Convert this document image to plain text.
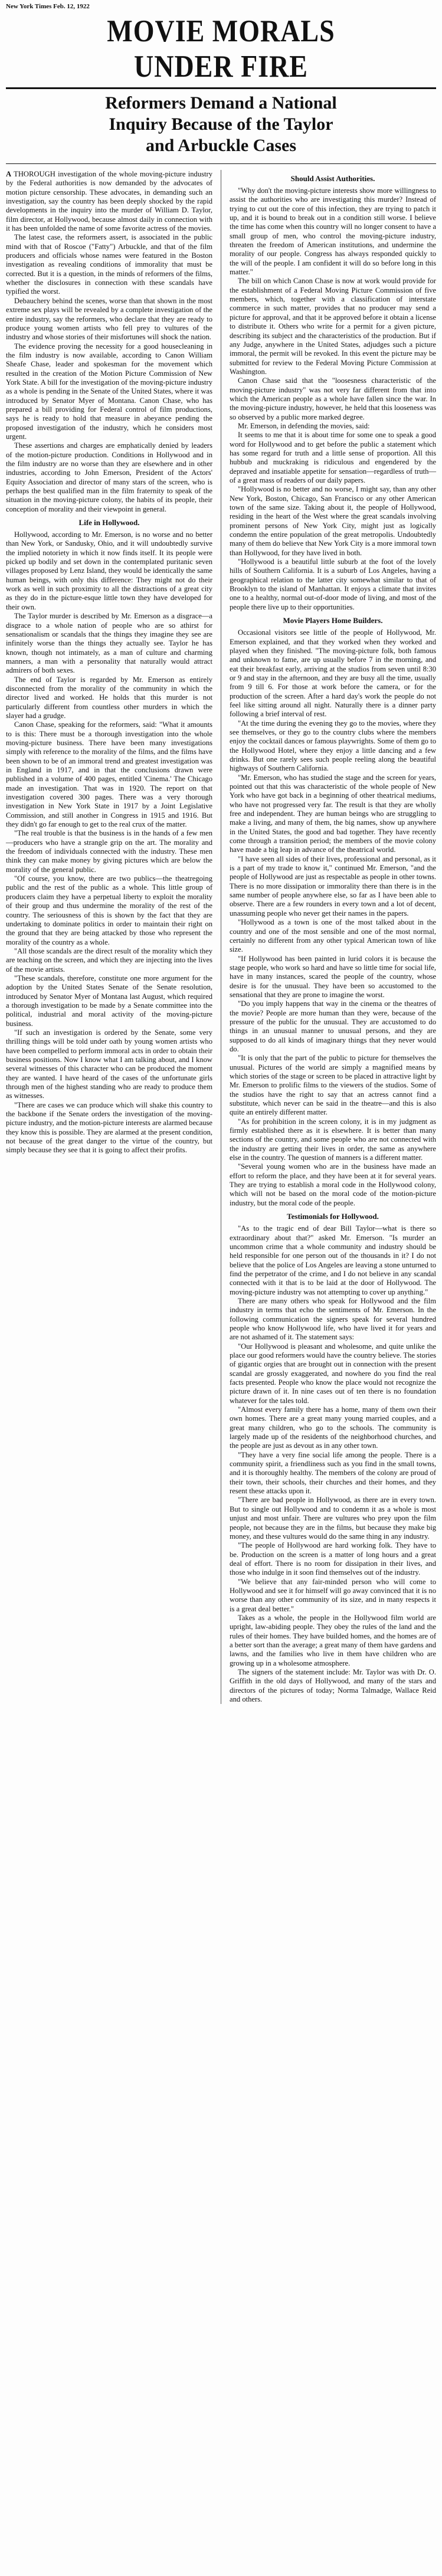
New York Times Feb. 12, 1922
MOVIE MORALS
UNDER FIRE
Reformers Demand a National
Inquiry Because of the Taylor
and Arbuckle Cases

A THOROUGH investigation of the whole moving-picture industry by the Federal authorities is now demanded by the advocates of motion picture censorship. These advocates, in demanding such an investigation, say the country has been deeply shocked by the rapid developments in the inquiry into the murder of William D. Taylor, film director, at Hollywood, because almost daily in connection with it has been unfolded the name of some favorite actress of the movies.

The latest case, the reformers assert, is associated in the public mind with that of Roscoe ("Fatty") Arbuckle, and that of the film producers and officials whose names were featured in the Boston investigation as revealing conditions of immorality that must be corrected. But it is a question, in the minds of reformers of the films, whether the disclosures in connection with these scandals have typified the worst.

Debauchery behind the scenes, worse than that shown in the most extreme sex plays will be revealed by a complete investigation of the entire industry, say the reformers, who declare that they are ready to produce young women artists who fell prey to vultures of the industry and whose stories of their misfortunes will shock the nation.

The evidence proving the necessity for a good housecleaning in the film industry is now available, according to Canon William Sheafe Chase, leader and spokesman for the movement which resulted in the creation of the Motion Picture Commission of New York State. A bill for the investigation of the moving-picture industry as a whole is pending in the Senate of the United States, where it was introduced by Senator Myer of Montana. Canon Chase, who has prepared a bill providing for Federal control of film productions, says he is ready to hold that measure in abeyance pending the proposed investigation of the industry, which he considers most urgent.

These assertions and charges are emphatically denied by leaders of the motion-picture production. Conditions in Hollywood and in the film industry are no worse than they are elsewhere and in other industries, according to John Emerson, President of the Actors' Equity Association and director of many stars of the screen, who is perhaps the best qualified man in the film fraternity to speak of the situation in the moving-picture colony, the habits of its people, their conception of morality and their viewpoint in general.

Life in Hollywood.

Hollywood, according to Mr. Emerson, is no worse and no better than New York, or Sandusky, Ohio, and it will undoubtedly survive the implied notoriety in which it now finds itself. It its people were picked up bodily and set down in the contemplated puritanic seven villages proposed by Lenz Island, they would be identically the same human beings, with only this difference: They might not do their work as well in such proximity to all the distractions of a great city as they do in the picture-esque little town they have developed for their own.

The Taylor murder is described by Mr. Emerson as a disgrace—a disgrace to a whole nation of people who are so athirst for sensationalism or scandals that the things they imagine they see are infinitely worse than the things they actually see. Taylor he has known, though not intimately, as a man of culture and charming manners, a man with a personality that naturally would attract admirers of both sexes.

The end of Taylor is regarded by Mr. Emerson as entirely disconnected from the morality of the community in which the director lived and worked. He holds that this murder is not particularly different from countless other murders in which the slayer had a grudge.

Canon Chase, speaking for the reformers, said: "What it amounts to is this: There must be a thorough investigation into the whole moving-picture business. There have been many investigations simply with reference to the morality of the films, and the films have been shown to be of an immoral trend and greatest investigation was in England in 1917, and in that the conclusions drawn were published in a volume of 400 pages, entitled 'Cinema.' The Chicago made an investigation. That was in 1920. The report on that investigation covered 300 pages. There was a very thorough investigation in New York State in 1917 by a Joint Legislative Commission, and still another in Congress in 1915 and 1916. But they didn't go far enough to get to the real crux of the matter.

"The real trouble is that the business is in the hands of a few men—producers who have a strangle grip on the art. The morality and the freedom of individuals connected with the industry. These men think they can make money by giving pictures which are below the morality of the general public.

"Of course, you know, there are two publics—the theatregoing public and the rest of the public as a whole. This little group of producers claim they have a perpetual liberty to exploit the morality of their group and thus undermine the morality of the rest of the country. The seriousness of this is shown by the fact that they are undertaking to dominate politics in order to maintain their right on the ground that they are being attacked by those who represent the morality of the country as a whole.

"All those scandals are the direct result of the morality which they are teaching on the screen, and which they are injecting into the lives of the movie artists.

"These scandals, therefore, constitute one more argument for the adoption by the United States Senate of the Senate resolution, introduced by Senator Myer of Montana last August, which required a thorough investigation to be made by a Senate committee into the political, industrial and moral activity of the moving-picture business.

"If such an investigation is ordered by the Senate, some very thrilling things will be told under oath by young women artists who have been compelled to perform immoral acts in order to obtain their business positions. Now I know what I am talking about, and I know several witnesses of this character who can be produced the moment they are wanted. I have heard of the cases of the unfortunate girls through men of the highest standing who are ready to produce them as witnesses.

"There are cases we can produce which will shake this country to the backbone if the Senate orders the investigation of the moving-picture industry, and the motion-picture interests are alarmed because they know this is possible. They are alarmed at the present condition, not because of the great danger to the virtue of the country, but simply because they see that it is going to affect their profits.

Should Assist Authorities.

"Why don't the moving-picture interests show more willingness to assist the authorities who are investigating this murder? Instead of trying to cut out the core of this infection, they are trying to patch it up, and it is bound to break out in a condition still worse. I believe the time has come when this country will no longer consent to have a small group of men, who control the moving-picture industry, threaten the freedom of American institutions, and undermine the morality of our people. Congress has always responded quickly to the will of the people. I am confident it will do so before long in this matter."

The bill on which Canon Chase is now at work would provide for the establishment of a Federal Moving Picture Commission of five members, which, together with a classification of interstate commerce in such matter, provides that no producer may send a picture for approval, and that it be approved before it obtain a license to distribute it. Others who write for a permit for a given picture, describing its subject and the characteristics of the production. But if any Judge, anywhere in the United States, adjudges such a picture immoral, the permit will be revoked. In this event the picture may be submitted for review to the Federal Moving Picture Commission at Washington.

Canon Chase said that the "loosesness characteristic of the moving-picture industry" was not very far different from that into which the American people as a whole have fallen since the war. In the moving-picture industry, however, he held that this looseness was so observed by a public more marked degree.

Mr. Emerson, in defending the movies, said:

It seems to me that it is about time for some one to speak a good word for Hollywood and to get before the public a statement which has some regard for truth and a little sense of proportion. All this hubbub and muckraking is ridiculous and engendered by the depraved and insatiable appetite for sensation—regardless of truth—of a great mass of readers of our daily papers.

"Hollywood is no better and no worse, I might say, than any other New York, Boston, Chicago, San Francisco or any other American town of the same size. Taking about it, the people of Hollywood, residing in the heart of the West where the great scandals involving prominent persons of New York City, might just as logically condemn the entire population of the great metropolis. Undoubtedly many of them do believe that New York City is a more immoral town than Hollywood, for they have lived in both.

"Hollywood is a beautiful little suburb at the foot of the lovely hills of Southern California. It is a suburb of Los Angeles, having a geographical relation to the latter city somewhat similar to that of Brooklyn to the island of Manhattan. It enjoys a climate that invites one to a healthy, normal out-of-door mode of living, and most of the people there live up to their opportunities.

Movie Players Home Builders.

Occasional visitors see little of the people of Hollywood, Mr. Emerson explained, and that they worked when they worked and played when they finished. "The moving-picture folk, both famous and unknown to fame, are up usually before 7 in the morning, and eat their breakfast early, arriving at the studios from seven until 8:30 or 9 and stay in the afternoon, and they are busy all the time, usually from 9 till 6. For those at work before the camera, or for the production of the screen. After a hard day's work the people do not feel like sitting around all night. Naturally there is a dinner party following a brief interval of rest.

"At the time during the evening they go to the movies, where they see themselves, or they go to the country clubs where the members enjoy the cocktail dances or famous playwrights. Some of them go to the Hollywood Hotel, where they enjoy a little dancing and a few drinks. But one rarely sees such people reeling along the beautiful highways of Southern California.

"Mr. Emerson, who has studied the stage and the screen for years, pointed out that this was characteristic of the whole people of New York who have got back in a beginning of other theatrical mediums, who have not progressed very far. The result is that they are wholly free and independent. They are human beings who are struggling to make a living, and many of them, the big names, show up anywhere in the United States, the good and bad together. They have recently come through a transition period; the members of the movie colony have made a big leap in advance of the theatrical world.

"I have seen all sides of their lives, professional and personal, as it is a part of my trade to know it," continued Mr. Emerson, "and the people of Hollywood are just as respectable as people in other towns. There is no more dissipation or immorality there than there is in the same number of people anywhere else, so far as I have been able to observe. There are a few rounders in every town and a lot of decent, unassuming people who never get their names in the papers.

"Hollywood as a town is one of the most talked about in the country and one of the most sensible and one of the most normal, certainly no different from any other typical American town of like size.

"If Hollywood has been painted in lurid colors it is because the stage people, who work so hard and have so little time for social life, have in many instances, scared the people of the country, whose desire is for the unusual. They have been so accustomed to the sensational that they are prone to imagine the worst.

"Do you imply happens that way in the cinema or the theatres of the movie? People are more human than they were, because of the pressure of the public for the unusual. They are accustomed to do things in an unusual manner to unusual persons, and they are supposed to do all kinds of imaginary things that they never would do.

"It is only that the part of the public to picture for themselves the unusual. Pictures of the world are simply a magnified means by which stories of the stage or screen to be placed in attractive light by Mr. Emerson to prolific films to the viewers of the studios. Some of the studios have the right to say that an actress cannot find a substitute, which never can be said in the theatre—and this is also quite an entirely different matter.

"As for prohibition in the screen colony, it is in my judgment as firmly established there as it is elsewhere. It is better than many sections of the country, and some people who are not connected with the industry are getting their lives in order, the same as anywhere else in the country. The question of manners is a different matter.

"Several young women who are in the business have made an effort to reform the place, and they have been at it for several years. They are trying to establish a moral code in the Hollywood colony, which will not be based on the moral code of the motion-picture industry, but the moral code of the people.

Testimonials for Hollywood.

"As to the tragic end of dear Bill Taylor—what is there so extraordinary about that?" asked Mr. Emerson. "Is murder an uncommon crime that a whole community and industry should be held responsible for one person out of the thousands in it? I do not believe that the police of Los Angeles are leaving a stone unturned to find the perpetrator of the crime, and I do not believe in any scandal connected with it that is to be laid at the door of Hollywood. The moving-picture industry was not attempting to cover up anything."

There are many others who speak for Hollywood and the film industry in terms that echo the sentiments of Mr. Emerson. In the following communication the signers speak for several hundred people who know Hollywood life, who have lived it for years and are not ashamed of it. The statement says:

"Our Hollywood is pleasant and wholesome, and quite unlike the place our good reformers would have the country believe. The stories of gigantic orgies that are brought out in connection with the present scandal are grossly exaggerated, and nowhere do you find the real facts presented. People who know the place would not recognize the picture drawn of it. In nine cases out of ten there is no foundation whatever for the tales told.

"Almost every family there has a home, many of them own their own homes. There are a great many young married couples, and a great many children, who go to the schools. The community is largely made up of the residents of the neighborhood churches, and the people are just as devout as in any other town.

"They have a very fine social life among the people. There is a community spirit, a friendliness such as you find in the small towns, and it is thoroughly healthy. The members of the colony are proud of their town, their schools, their churches and their homes, and they resent these attacks upon it.

"There are bad people in Hollywood, as there are in every town. But to single out Hollywood and to condemn it as a whole is most unjust and most unfair. There are vultures who prey upon the film people, not because they are in the films, but because they make big money, and these vultures would do the same thing in any industry.

"The people of Hollywood are hard working folk. They have to be. Production on the screen is a matter of long hours and a great deal of effort. There is no room for dissipation in their lives, and those who indulge in it soon find themselves out of the industry.

"We believe that any fair-minded person who will come to Hollywood and see it for himself will go away convinced that it is no worse than any other community of its size, and in many respects it is a great deal better."

Takes as a whole, the people in the Hollywood film world are upright, law-abiding people. They obey the rules of the land and the rules of their homes. They have builded homes, and the homes are of a better sort than the average; a great many of them have gardens and lawns, and the families who live in them have children who are growing up in a wholesome atmosphere.

The signers of the statement include: Mr. Taylor was with Dr. O. Griffith in the old days of Hollywood, and many of the stars and directors of the pictures of today; Norma Talmadge, Wallace Reid and others.
